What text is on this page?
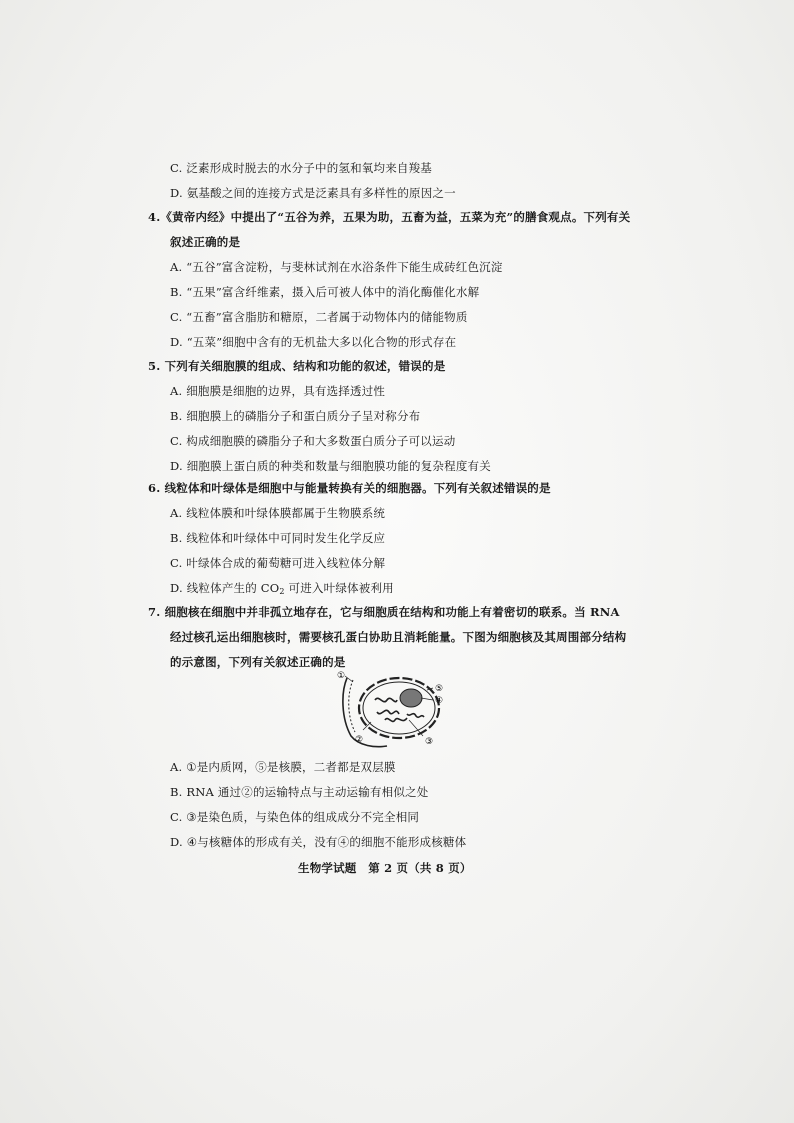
C. 泛素形成时脱去的水分子中的氢和氧均来自羧基
D. 氨基酸之间的连接方式是泛素具有多样性的原因之一
4.《黄帝内经》中提出了“五谷为养，五果为助，五畜为益，五菜为充”的膳食观点。下列有关
叙述正确的是
A. “五谷”富含淀粉，与斐林试剂在水浴条件下能生成砖红色沉淀
B. “五果”富含纤维素，摄入后可被人体中的消化酶催化水解
C. “五畜”富含脂肪和糖原，二者属于动物体内的储能物质
D. “五菜”细胞中含有的无机盐大多以化合物的形式存在
5. 下列有关细胞膜的组成、结构和功能的叙述，错误的是
A. 细胞膜是细胞的边界，具有选择透过性
B. 细胞膜上的磷脂分子和蛋白质分子呈对称分布
C. 构成细胞膜的磷脂分子和大多数蛋白质分子可以运动
D. 细胞膜上蛋白质的种类和数量与细胞膜功能的复杂程度有关
6. 线粒体和叶绿体是细胞中与能量转换有关的细胞器。下列有关叙述错误的是
A. 线粒体膜和叶绿体膜都属于生物膜系统
B. 线粒体和叶绿体中可同时发生化学反应
C. 叶绿体合成的葡萄糖可进入线粒体分解
D. 线粒体产生的 $CO_2$ 可进入叶绿体被利用
7. 细胞核在细胞中并非孤立地存在，它与细胞质在结构和功能上有着密切的联系。当 RNA
经过核孔运出细胞核时，需要核孔蛋白协助且消耗能量。下图为细胞核及其周围部分结构
的示意图，下列有关叙述正确的是
①
②	③
④
⑤
A. ①是内质网，⑤是核膜，二者都是双层膜
B. RNA 通过②的运输特点与主动运输有相似之处
C. ③是染色质，与染色体的组成成分不完全相同
D. ④与核糖体的形成有关，没有④的细胞不能形成核糖体
生物学试题　第 2 页（共 8 页）
